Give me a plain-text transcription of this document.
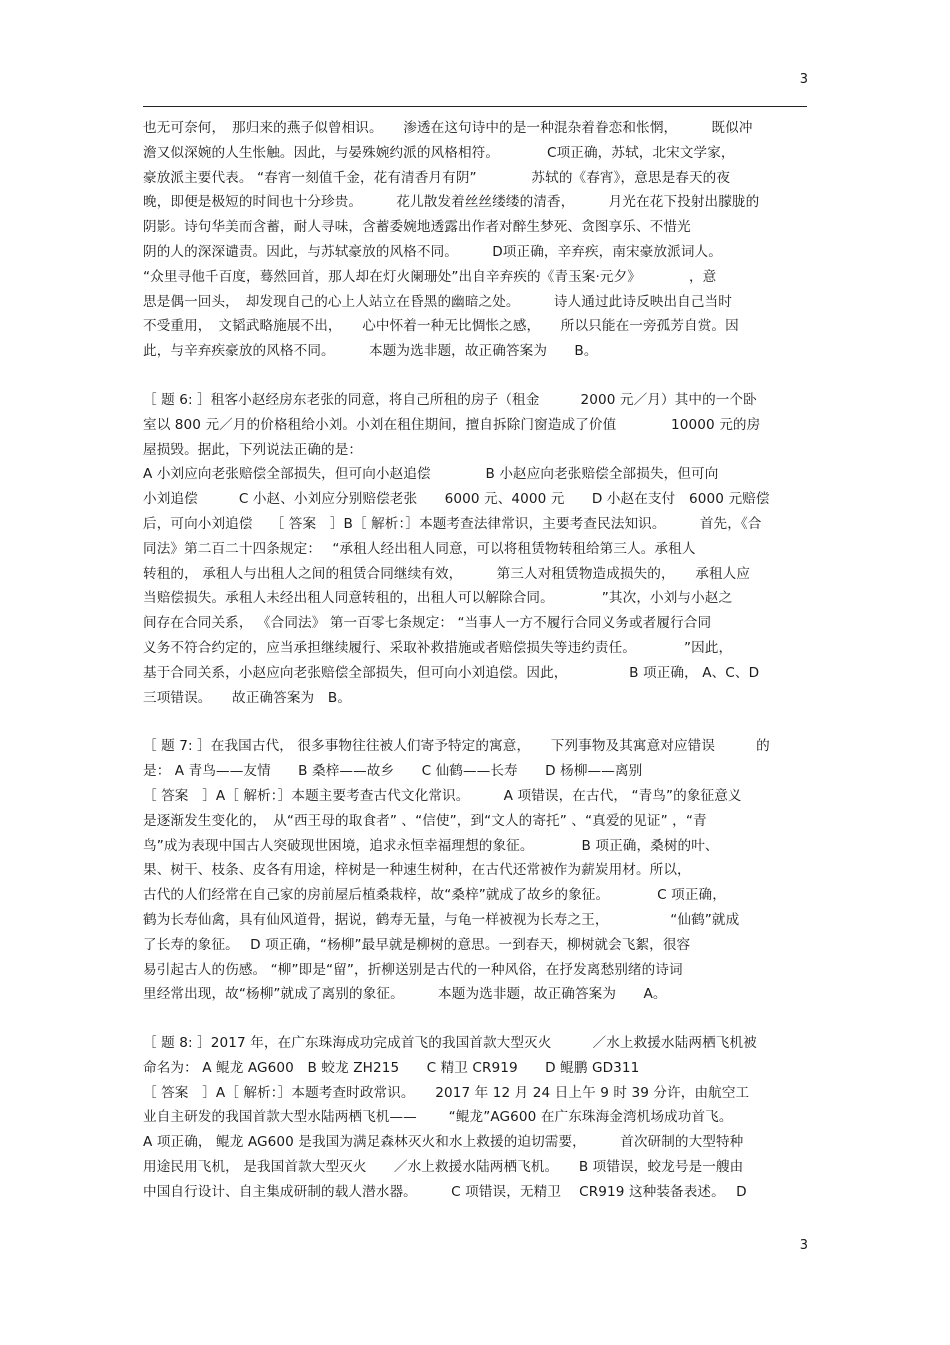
3
也无可奈何，　那归来的燕子似曾相识。　　渗透在这句诗中的是一种混杂着眷恋和怅惘，　　　既似冲
澹又似深婉的人生怅触。因此，与晏殊婉约派的风格相符。　　　　C项正确，苏轼，北宋文学家，
豪放派主要代表。 “春宵一刻值千金，花有清香月有阴”　　　　苏轼的《春宵》，意思是春天的夜
晚，即便是极短的时间也十分珍贵。　　　花儿散发着丝丝缕缕的清香，　　　月光在花下投射出朦胧的
阴影。诗句华美而含蓄，耐人寻味，含蓄委婉地透露出作者对醉生梦死、贪图享乐、不惜光
阴的人的深深谴责。因此，与苏轼豪放的风格不同。　　　D项正确，辛弃疾，南宋豪放派词人。
“众里寻他千百度，蓦然回首，那人却在灯火阑珊处”出自辛弃疾的《青玉案·元夕》　　　　，意
思是偶一回头，　却发现自己的心上人站立在昏黑的幽暗之处。　　　诗人通过此诗反映出自己当时
不受重用，　文韬武略施展不出，　　心中怀着一种无比惆怅之感，　　所以只能在一旁孤芳自赏。因
此，与辛弃疾豪放的风格不同。　　　本题为选非题，故正确答案为　　B。
［ 题 6: ］租客小赵经房东老张的同意，将自己所租的房子（租金　　　2000 元／月）其中的一个卧
室以 800 元／月的价格租给小刘。小刘在租住期间，擅自拆除门窗造成了价值　　　　10000 元的房
屋损毁。据此，下列说法正确的是：
A 小刘应向老张赔偿全部损失，但可向小赵追偿　　　　B 小赵应向老张赔偿全部损失，但可向
小刘追偿　　　C 小赵、小刘应分别赔偿老张　　6000 元、4000 元　　D 小赵在支付　6000 元赔偿
后，可向小刘追偿　 ［ 答案　］B［ 解析：］本题考查法律常识，主要考查民法知识。　　　首先，《合
同法》第二百二十四条规定：　 “承租人经出租人同意，可以将租赁物转租给第三人。承租人
转租的， 承租人与出租人之间的租赁合同继续有效，　　　第三人对租赁物造成损失的，　　承租人应
当赔偿损失。承租人未经出租人同意转租的，出租人可以解除合同。　　　　”其次，小刘与小赵之
间存在合同关系， 《合同法》 第一百零七条规定： “当事人一方不履行合同义务或者履行合同
义务不符合约定的，应当承担继续履行、采取补救措施或者赔偿损失等违约责任。　　　　”因此，
基于合同关系，小赵应向老张赔偿全部损失，但可向小刘追偿。因此，　　　　　B 项正确， A、C、D
三项错误。　　故正确答案为　B。
［ 题 7: ］在我国古代， 很多事物往往被人们寄予特定的寓意，　　下列事物及其寓意对应错误　　　的
是： A 青鸟——友情　　B 桑梓——故乡　　C 仙鹤——长寿　　D 杨柳——离别
［ 答案　］A［ 解析：］本题主要考查古代文化常识。　　　A 项错误，在古代， “青鸟”的象征意义
是逐渐发生变化的，　从“西王母的取食者” 、“信使”，到“文人的寄托” 、“真爱的见证” ，“青
鸟”成为表现中国古人突破现世困境，追求永恒幸福理想的象征。　　　　B 项正确，桑树的叶、
果、树干、枝条、皮各有用途，梓树是一种速生树种，在古代还常被作为薪炭用材。所以，
古代的人们经常在自己家的房前屋后植桑栽梓，故“桑梓”就成了故乡的象征。　　　　C 项正确，
鹤为长寿仙禽，具有仙风道骨，据说，鹤寿无量，与龟一样被视为长寿之王，　　　　　“仙鹤”就成
了长寿的象征。　 D 项正确，“杨柳”最早就是柳树的意思。一到春天，柳树就会飞絮，很容
易引起古人的伤感。 “柳”即是“留”，折柳送别是古代的一种风俗，在抒发离愁别绪的诗词
里经常出现，故“杨柳”就成了离别的象征。　　　本题为选非题，故正确答案为　　A。
［ 题 8: ］2017 年，在广东珠海成功完成首飞的我国首款大型灭火　　　／水上救援水陆两栖飞机被
命名为： A 鲲龙 AG600　B 蛟龙 ZH215　　C 精卫 CR919　　D 鲲鹏 GD311
［ 答案　］A［ 解析：］本题考查时政常识。　　2017 年 12 月 24 日上午 9 时 39 分许，由航空工
业自主研发的我国首款大型水陆两栖飞机——　　 “鲲龙”AG600 在广东珠海金湾机场成功首飞。
A 项正确， 鲲龙 AG600 是我国为满足森林灭火和水上救援的迫切需要，　　　首次研制的大型特种
用途民用飞机， 是我国首款大型灭火　　／水上救援水陆两栖飞机。　　B 项错误，蛟龙号是一艘由
中国自行设计、自主集成研制的载人潜水器。　　　C 项错误，无精卫　 CR919 这种装备表述。　 D
3
